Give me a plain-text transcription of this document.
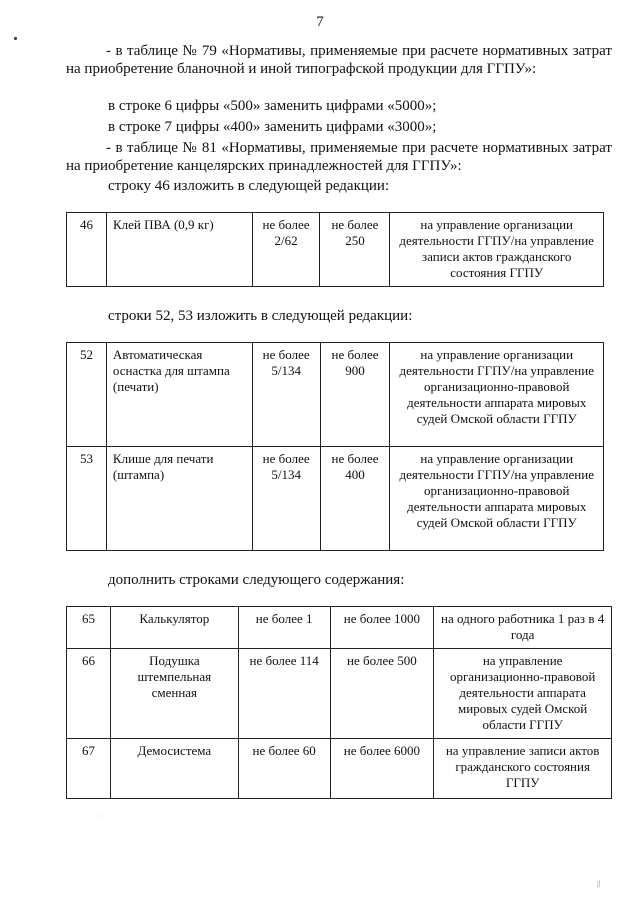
7

- в таблице № 79 «Нормативы, применяемые при расчете нормативных затрат на приобретение бланочной и иной типографской продукции для ГГПУ»:

в строке 6 цифры «500» заменить цифрами «5000»;
в строке 7 цифры «400» заменить цифрами «3000»;

- в таблице № 81 «Нормативы, применяемые при расчете нормативных затрат на приобретение канцелярских принадлежностей для ГГПУ»:

строку 46 изложить в следующей редакции:
46	Клей ПВА (0,9 кг)	не более 2/62	не более 250	на управление организации деятельности ГГПУ/на управление записи актов гражданского состояния ГГПУ
строки 52, 53 изложить в следующей редакции:
52	Автоматическая оснастка для штампа (печати)	не более 5/134	не более 900	на управление организации деятельности ГГПУ/на управление организационно-правовой деятельности аппарата мировых судей Омской области ГГПУ
53	Клише для печати (штампа)	не более 5/134	не более 400	на управление организации деятельности ГГПУ/на управление организационно-правовой деятельности аппарата мировых судей Омской области ГГПУ
дополнить строками следующего содержания:
65	Калькулятор	не более 1	не более 1000	на одного работника 1 раз в 4 года
66	Подушка штемпельная сменная	не более 114	не более 500	на управление организационно-правовой деятельности аппарата мировых судей Омской области ГГПУ
67	Демосистема	не более 60	не более 6000	на управление записи актов гражданского состояния ГГПУ
·
⁄⁄
